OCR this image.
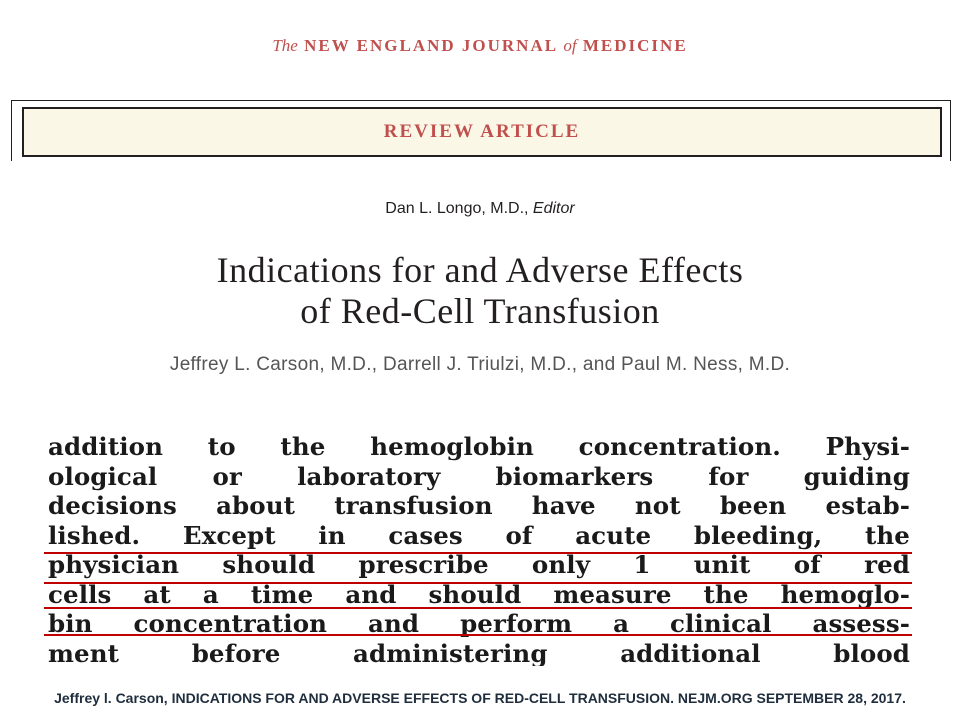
The NEW ENGLAND JOURNAL of MEDICINE
REVIEW ARTICLE
Dan L. Longo, M.D., Editor
Indications for and Adverse Effects
of Red-Cell Transfusion
Jeffrey L. Carson, M.D., Darrell J. Triulzi, M.D., and Paul M. Ness, M.D.
addition to the hemoglobin concentration. Physi-
ological or laboratory biomarkers for guiding
decisions about transfusion have not been estab-
lished. Except in cases of acute bleeding, the
physician should prescribe only 1 unit of red
cells at a time and should measure the hemoglo-
bin concentration and perform a clinical assess-
ment before administering additional blood
Jeffrey l. Carson, INDICATIONS FOR AND ADVERSE EFFECTS OF RED-CELL TRANSFUSION. NEJM.ORG SEPTEMBER 28, 2017.
